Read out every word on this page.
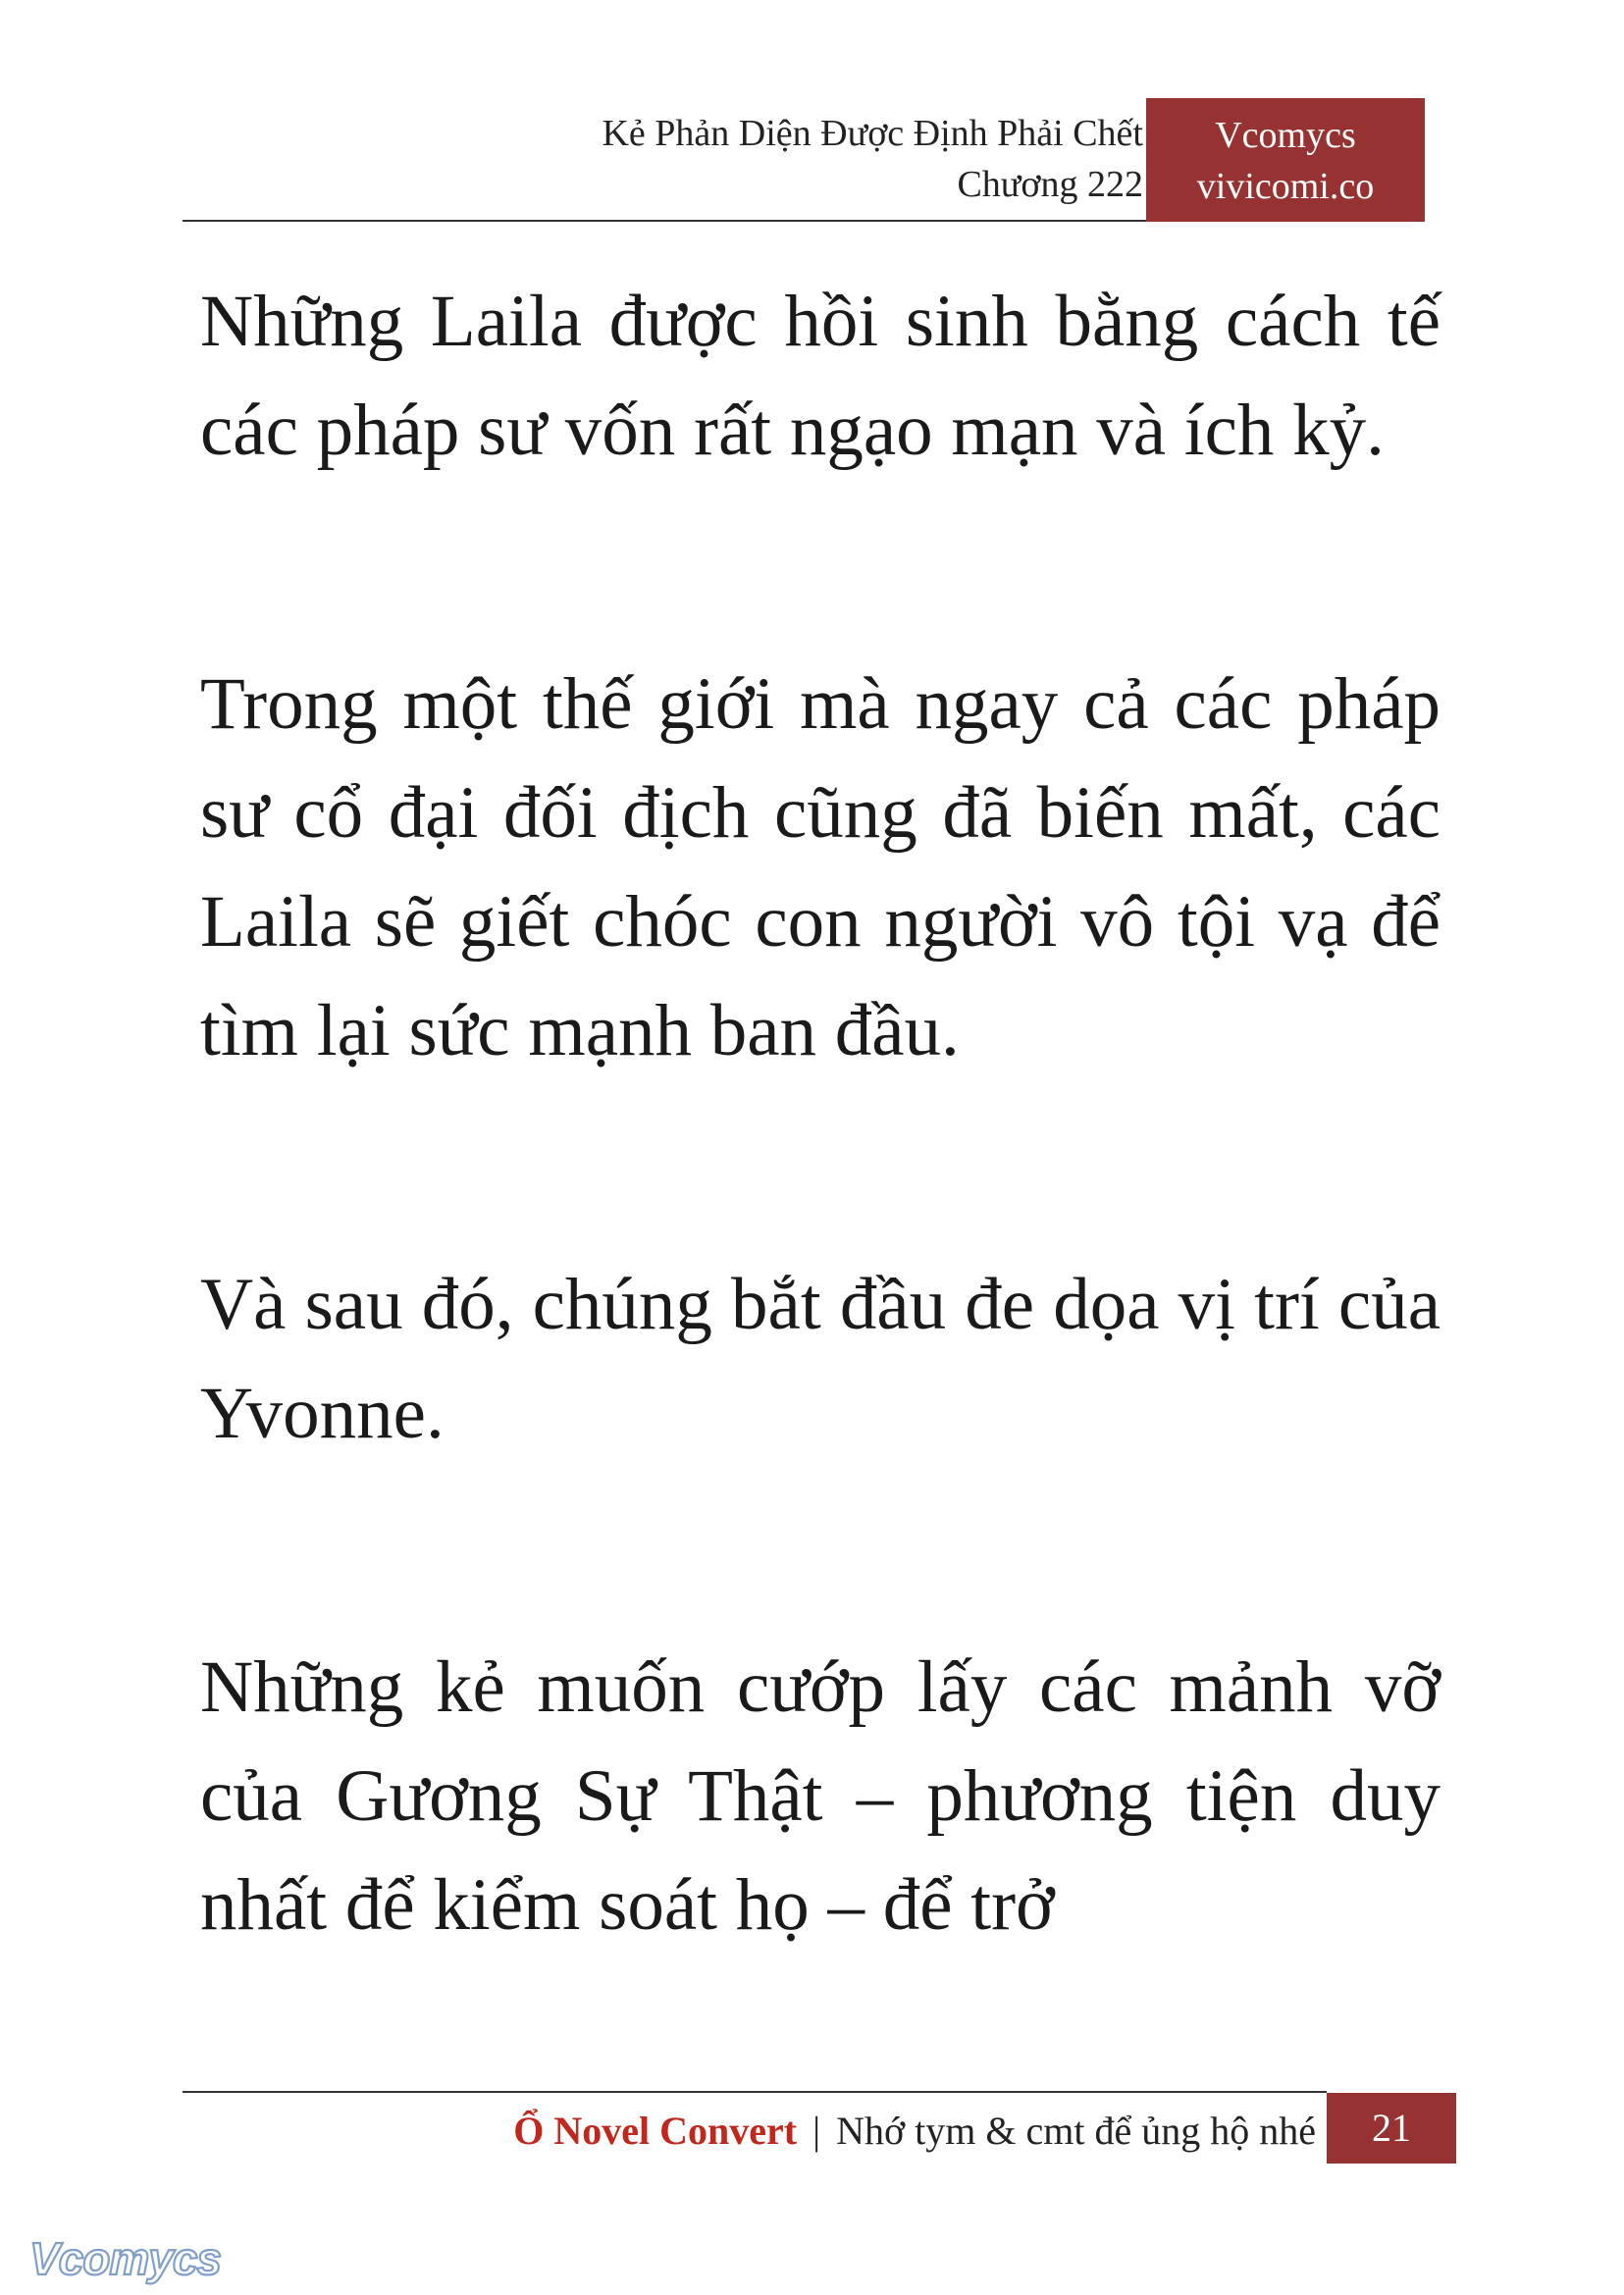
Kẻ Phản Diện Được Định Phải Chết
Chương 222
Vcomycs
vivicomi.co

Những Laila được hồi sinh bằng cách tế các pháp sư vốn rất ngạo mạn và ích kỷ.

Trong một thế giới mà ngay cả các pháp sư cổ đại đối địch cũng đã biến mất, các Laila sẽ giết chóc con người vô tội vạ để tìm lại sức mạnh ban đầu.

Và sau đó, chúng bắt đầu đe dọa vị trí của Yvonne.

Những kẻ muốn cướp lấy các mảnh vỡ của Gương Sự Thật – phương tiện duy nhất để kiểm soát họ – để trở

Ổ Novel Convert | Nhớ tym & cmt để ủng hộ nhé	21
Vcomycs
